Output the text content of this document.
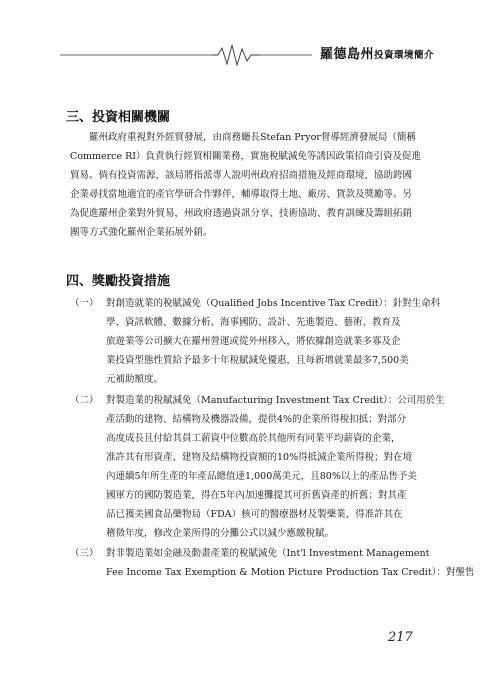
羅德島州投資環境簡介
三、投資相關機關
羅州政府重視對外經貿發展，由商務廳長Stefan Pryor督導經濟發展局（簡稱
Commerce RI）負責執行經貿相關業務，實施稅賦減免等誘因政策招商引資及促進
貿易。倘有投資需源，該局將指派專人說明州政府招商措施及經商環境，協助跨國
企業尋找當地適宜的產官學研合作夥伴，輔導取得土地、廠房、貸款及獎勵等。另
為促進羅州企業對外貿易，州政府透過資訊分享、技術協助、教育訓練及籌組拓銷
團等方式強化羅州企業拓展外銷。
四、獎勵投資措施
（一） 對創造就業的稅賦減免（Qualified Jobs Incentive Tax Credit）：針對生命科
學、資訊軟體、數據分析、海事國防、設計、先進製造、藝術、教育及
旅遊業等公司擴大在羅州營運或從外州移入，將依據創造就業多寡及企
業投資型態性質給予最多十年稅賦減免優惠，且每新增就業最多7,500美
元補助額度。
（二） 對製造業的稅賦減免（Manufacturing Investment Tax Credit）：公司用於生
產活動的建物、結構物及機器設備，提供4%的企業所得稅扣抵；對部分
高度成長且付給其員工薪資中位數高於其他所有同業平均薪資的企業，
准許其有形資產、建物及結構物投資額的10%得抵減企業所得稅；對在境
內連續5年所生產的年產品總值達1,000萬美元，且80%以上的產品售予美
國軍方的國防製造業，得在5年內加速攤提其可折舊資產的折舊；對其產
品已獲美國食品藥物局（FDA）核可的醫療器材及製藥業，得准許其在
稽徵年度，修改企業所得的分攤公式以減少應繳稅賦。
（三） 對非製造業如金融及動畫產業的稅賦減免（Int'l Investment Management
Fee Income Tax Exemption & Motion Picture Production Tax Credit）：對壟售
217
